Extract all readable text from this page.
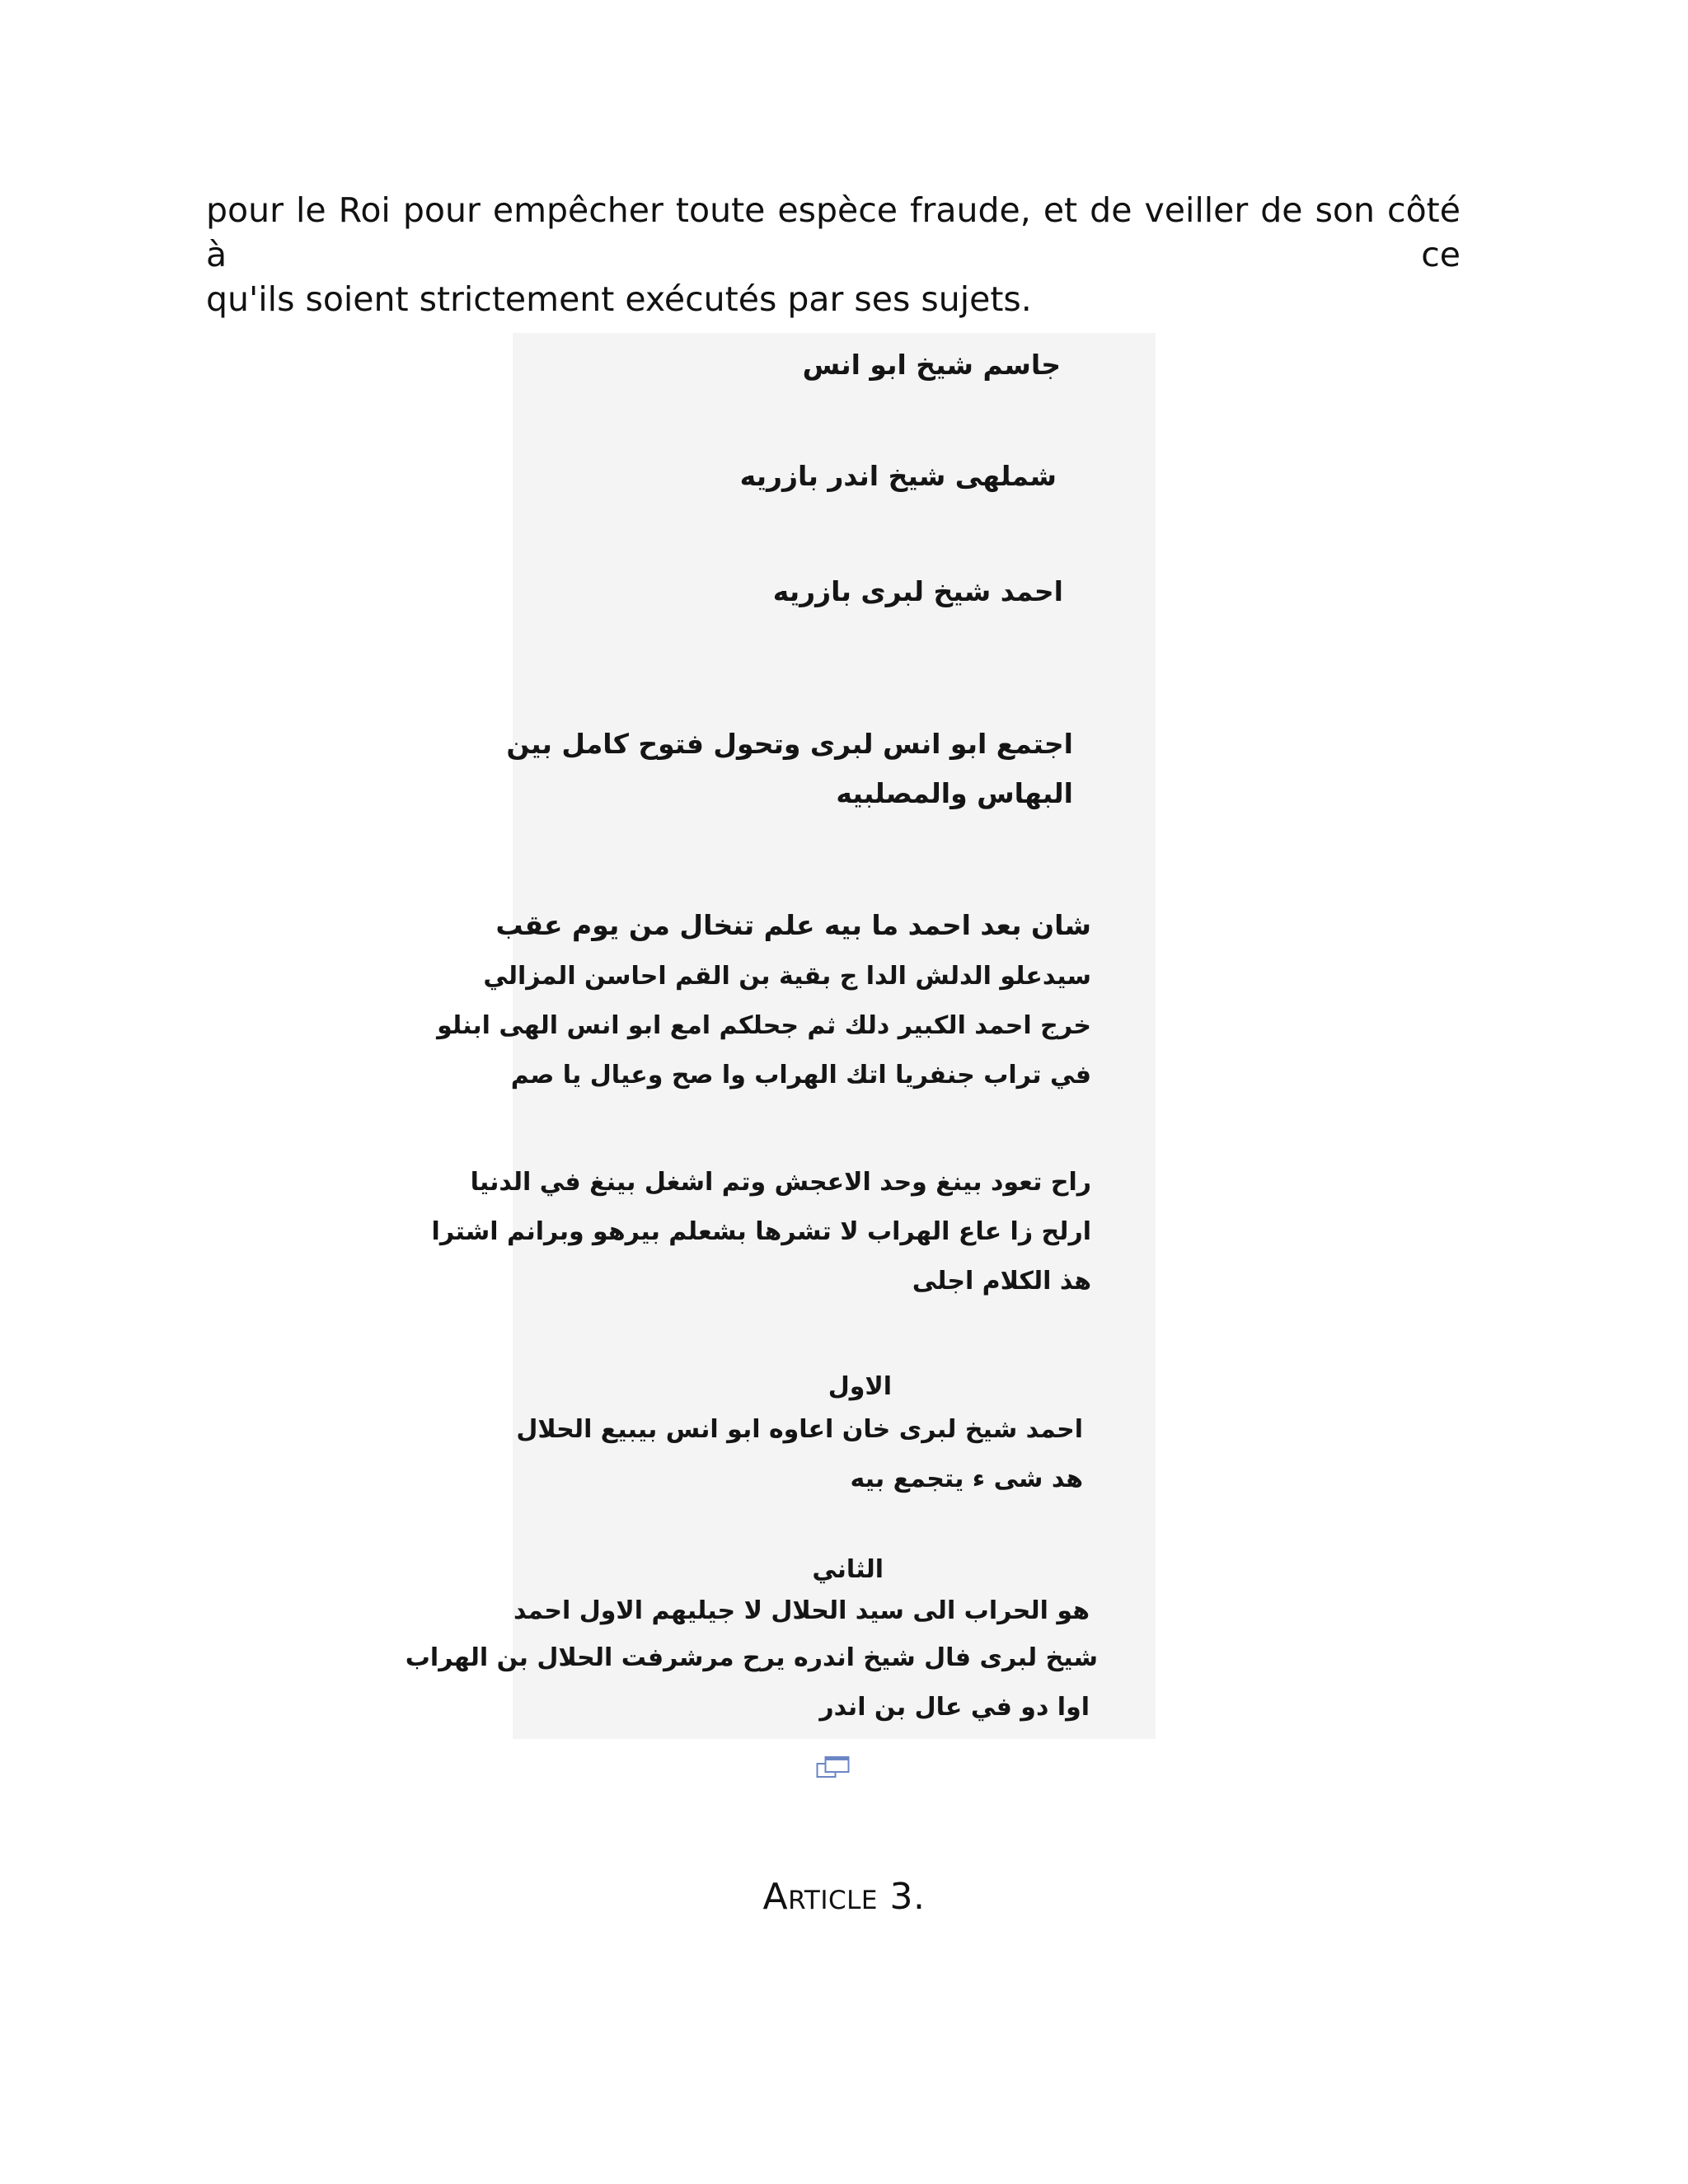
pour le Roi pour empêcher toute espèce fraude, et de veiller de son côté à ce
qu'ils soient strictement exécutés par ses sujets.

جاسم شيخ ابو انس
شملهى شيخ اندر بازريه
احمد شيخ لبرى بازريه
اجتمع ابو انس لبرى وتحول فتوح كامل بين
البهاس والمصلبيه
شان بعد احمد ما بيه علم تنخال من يوم عقب
سيدعلو الدلش الدا ج بقية بن القم احاسن المزالي
خرج احمد الكبير دلك ثم جحلكم امع ابو انس الهى ابنلو
في تراب جنفريا اتك الهراب وا صح وعيال يا صم
راح تعود بينغ وحد الاعجش وتم اشغل بينغ في الدنيا
ارلح زا عاع الهراب لا تشرها بشعلم بيرهو وبرانم اشترا
هذ الكلام اجلى
الاول
احمد شيخ لبرى خان اعاوه ابو انس بيبيع الحلال
هد شى ء يتجمع بيه
الثاني
هو الحراب الى سيد الحلال لا جيليهم الاول احمد
شيخ لبرى فال شيخ اندره يرح مرشرفت الحلال بن الهراب
اوا دو في عال بن اندر
Article 3.
